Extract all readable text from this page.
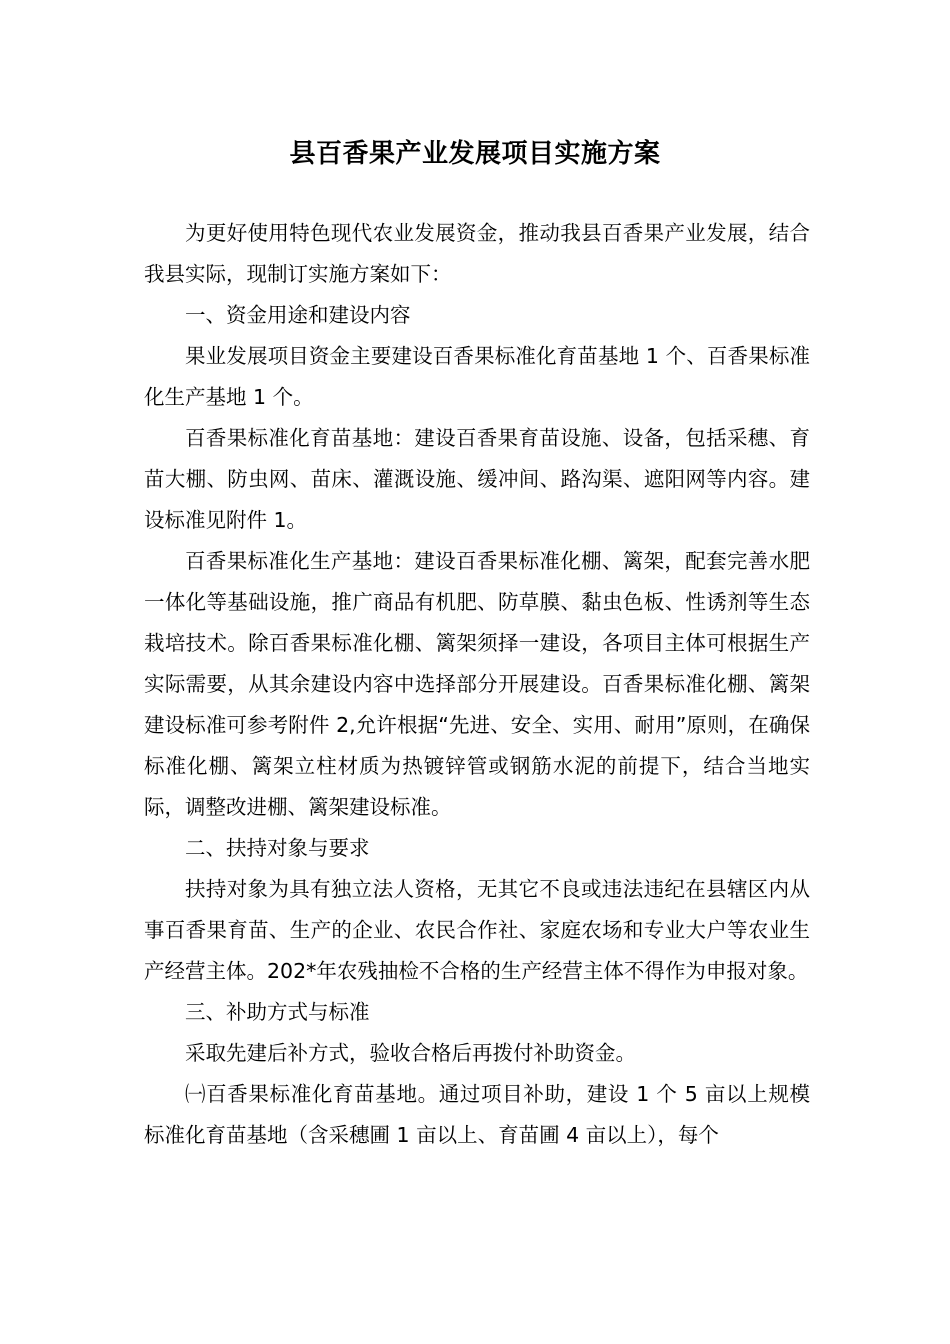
县百香果产业发展项目实施方案

为更好使用特色现代农业发展资金，推动我县百香果产业发展，结合我县实际，现制订实施方案如下：

一、资金用途和建设内容

果业发展项目资金主要建设百香果标准化育苗基地 1 个、百香果标准化生产基地 1 个。

百香果标准化育苗基地：建设百香果育苗设施、设备，包括采穗、育苗大棚、防虫网、苗床、灌溉设施、缓冲间、路沟渠、遮阳网等内容。建设标准见附件 1。

百香果标准化生产基地：建设百香果标准化棚、篱架，配套完善水肥一体化等基础设施，推广商品有机肥、防草膜、黏虫色板、性诱剂等生态栽培技术。除百香果标准化棚、篱架须择一建设，各项目主体可根据生产实际需要，从其余建设内容中选择部分开展建设。百香果标准化棚、篱架建设标准可参考附件 2,允许根据“先进、安全、实用、耐用”原则，在确保标准化棚、篱架立柱材质为热镀锌管或钢筋水泥的前提下，结合当地实际，调整改进棚、篱架建设标准。

二、扶持对象与要求

扶持对象为具有独立法人资格，无其它不良或违法违纪在县辖区内从事百香果育苗、生产的企业、农民合作社、家庭农场和专业大户等农业生产经营主体。202*年农残抽检不合格的生产经营主体不得作为申报对象。

三、补助方式与标准

采取先建后补方式，验收合格后再拨付补助资金。

㈠百香果标准化育苗基地。通过项目补助，建设 1 个 5 亩以上规模标准化育苗基地（含采穗圃 1 亩以上、育苗圃 4 亩以上），每个
